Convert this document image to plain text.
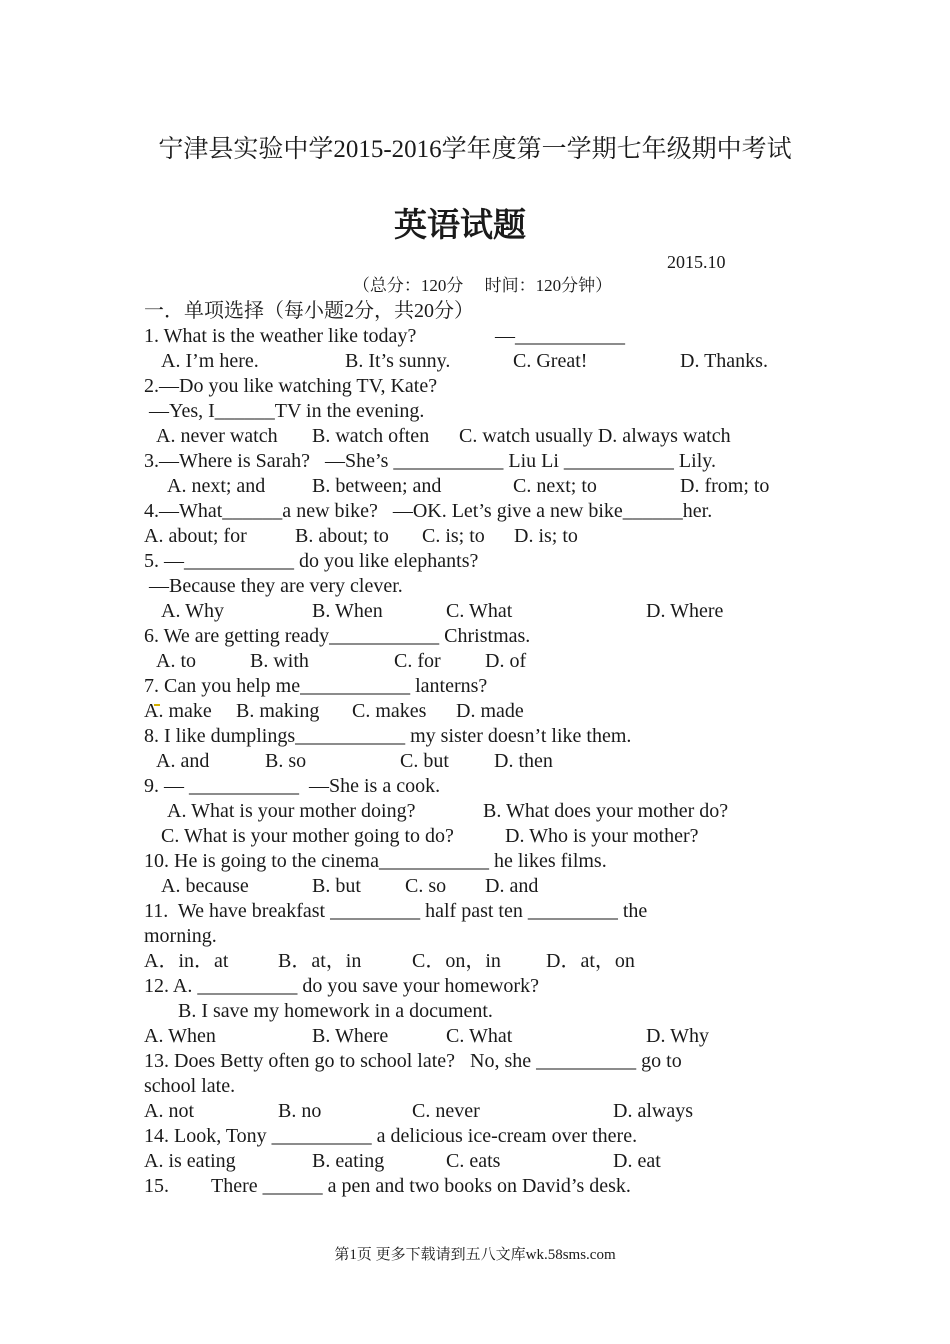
宁津县实验中学2015-2016学年度第一学期七年级期中考试
英语试题
2015.10
（总分：120分     时间：120分钟）

一．单项选择（每小题2分，共20分）

1. What is the weather like today?

	—___________

A. I’m here.

	B. It’s sunny.

	C. Great!

	D. Thanks.

2.—Do you like watching TV, Kate?

—Yes, I______TV in the evening.

A. never watch

B. watch often

C. watch usually D. always watch

3.—Where is Sarah?   —She’s ___________ Liu Li ___________ Lily.

A. next; and

B. between; and

	C. next; to

	D. from; to

4.—What______a new bike?   —OK. Let’s give a new bike______her.

A. about; for

B. about; to

C. is; to

D. is; to

5. —___________ do you like elephants?

—Because they are very clever.

A. Why

	B. When

	C. What

	D. Where

6. We are getting ready___________ Christmas.

A. to

	B. with

	C. for

D. of

7

. Can you help me___________ lanterns?

A. make

B. making

C. makes

D. made

8. I like dumplings___________ my sister doesn’t like them.

A. and

	B. so

	C. but

D. then

9. — ___________  —She is a cook.

A. What is your mother doing?

	B. What does your mother do?

C. What is your mother going to do?

	D. Who is your mother?

10. He is going to the cinema___________ he likes films.

A. because

	B. but

C. so

D. and

11.  We have breakfast _________ half past ten _________ the

morning.

A．in．at

B．at，in

	C．on，in

D．at，on

12. A. __________ do you save your homework?

B. I save my homework in a document.

A. When

	B. Where

	C. What

	D. Why

13. Does Betty often go to school late?   No, she __________ go to

school late.

A. not

	B. no

	C. never

	D. always

14. Look, Tony __________ a delicious ice-cream over there.

A. is eating

	B. eating

	C. eats

	D. eat

15.

There ______ a pen and two books on David’s desk.

第1页 更多下载请到五八文库wk.58sms.com
